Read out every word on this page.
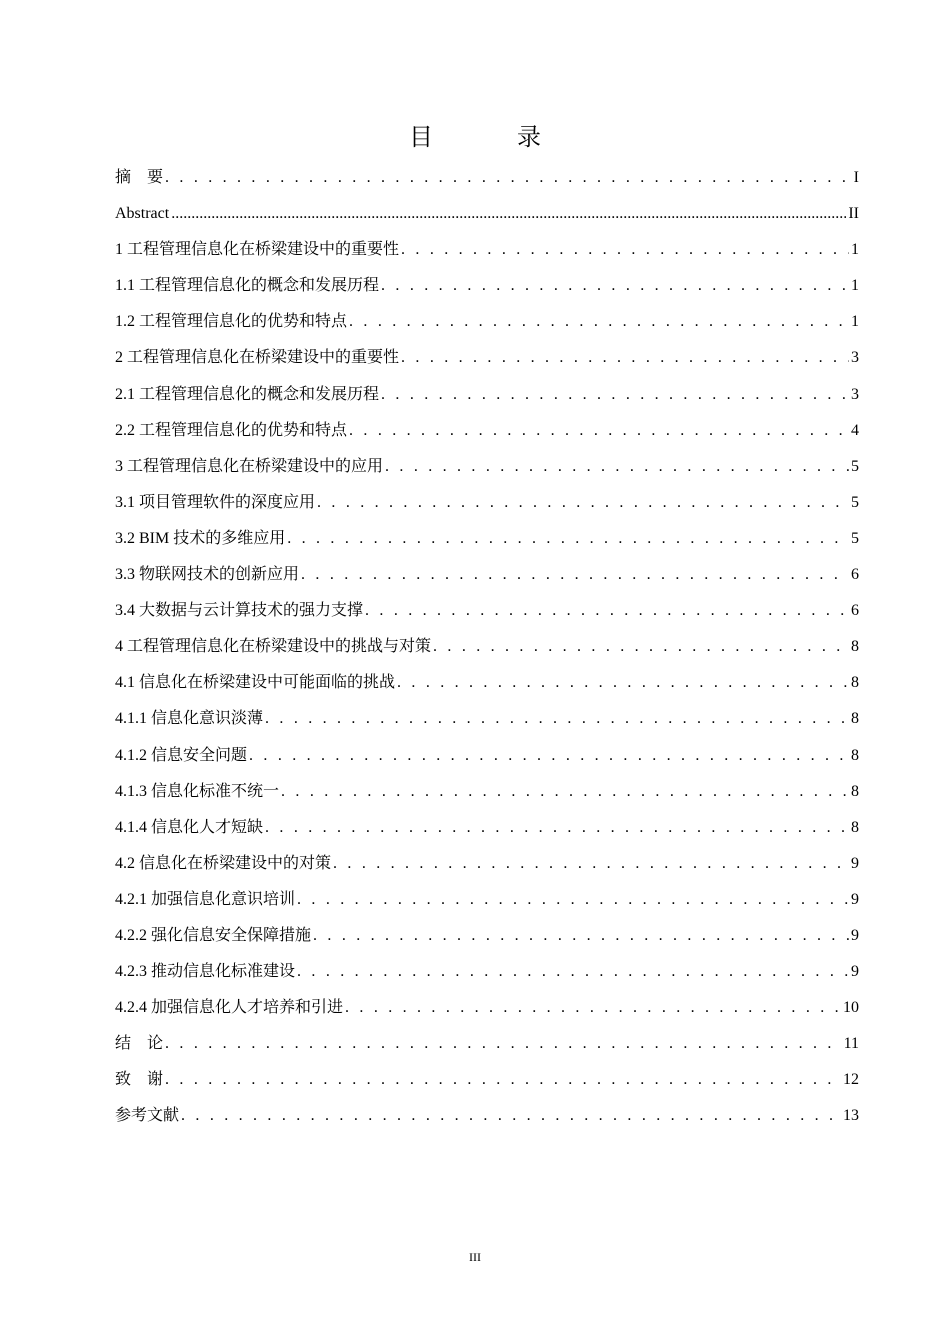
目　录
摘　要 . . .	I
Abstract .....	II
1 工程管理信息化在桥梁建设中的重要性 . . .	1
1.1 工程管理信息化的概念和发展历程 . . .	1
1.2 工程管理信息化的优势和特点 . . .	1
2 工程管理信息化在桥梁建设中的重要性 . . .	3
2.1 工程管理信息化的概念和发展历程 . . .	3
2.2 工程管理信息化的优势和特点 . . .	4
3 工程管理信息化在桥梁建设中的应用 . . .	5
3.1 项目管理软件的深度应用 . . .	5
3.2 BIM 技术的多维应用 . . .	5
3.3 物联网技术的创新应用 . . .	6
3.4 大数据与云计算技术的强力支撑 . . .	6
4 工程管理信息化在桥梁建设中的挑战与对策 . . .	8
4.1 信息化在桥梁建设中可能面临的挑战 . . .	8
4.1.1 信息化意识淡薄 . . .	8
4.1.2 信息安全问题 . . .	8
4.1.3 信息化标准不统一 . . .	8
4.1.4 信息化人才短缺 . . .	8
4.2 信息化在桥梁建设中的对策 . . .	9
4.2.1 加强信息化意识培训 . . .	9
4.2.2 强化信息安全保障措施 . . .	9
4.2.3 推动信息化标准建设 . . .	9
4.2.4 加强信息化人才培养和引进 . . .	10
结　论 . . .	11
致　谢 . . .	12
参考文献 . . .	13
III
